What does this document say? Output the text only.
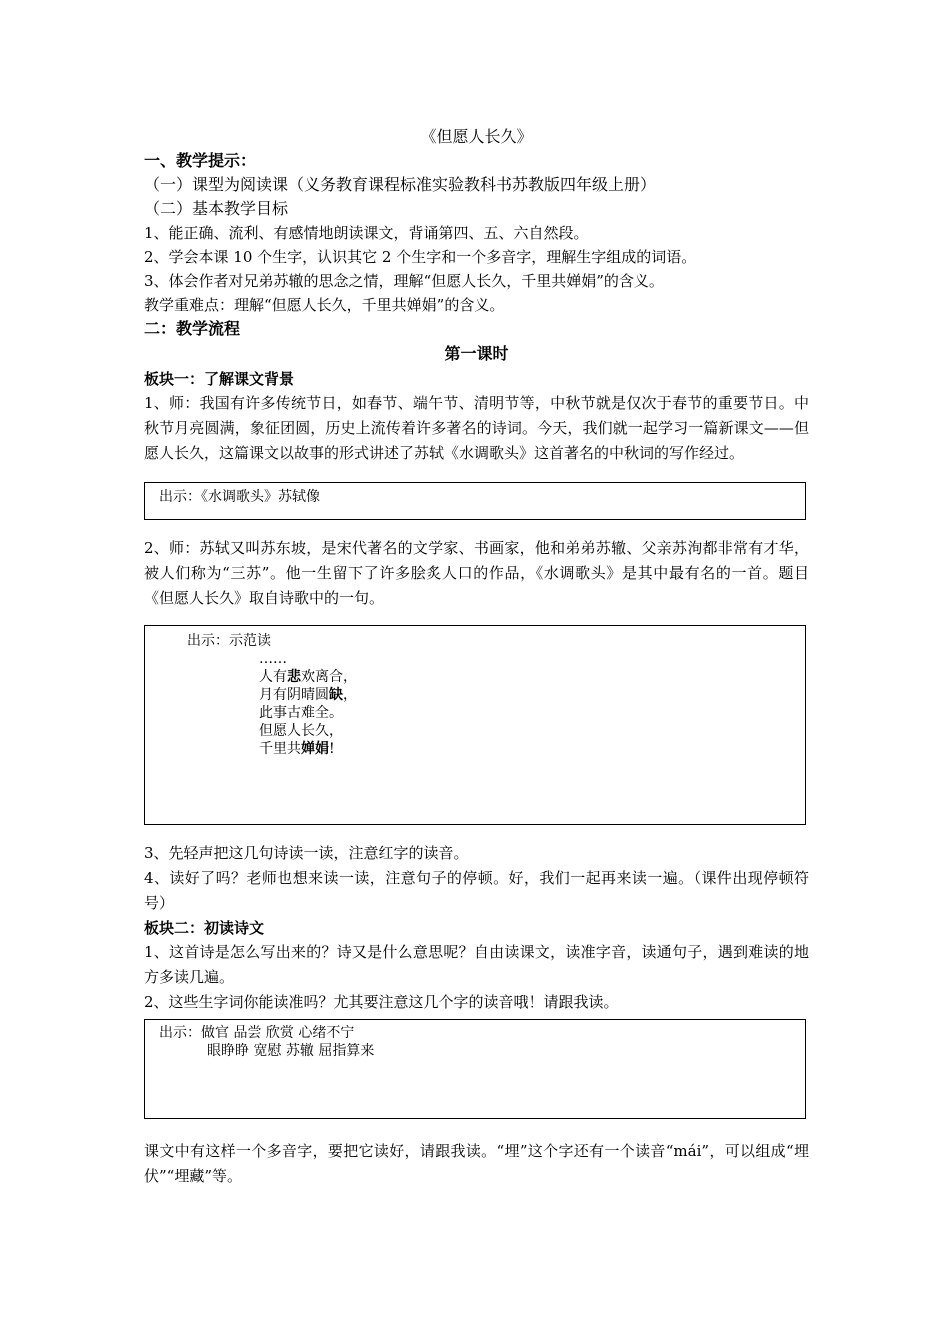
《但愿人长久》
一、教学提示：
（一）课型为阅读课（义务教育课程标准实验教科书苏教版四年级上册）
（二）基本教学目标
1、能正确、流利、有感情地朗读课文，背诵第四、五、六自然段。
2、学会本课 10 个生字，认识其它 2 个生字和一个多音字，理解生字组成的词语。
3、体会作者对兄弟苏辙的思念之情，理解“但愿人长久，千里共婵娟”的含义。
教学重难点：理解“但愿人长久，千里共婵娟”的含义。
二：教学流程
第一课时
板块一：了解课文背景

1、师：我国有许多传统节日，如春节、端午节、清明节等，中秋节就是仅次于春节的重要节日。中秋节月亮圆满，象征团圆，历史上流传着许多著名的诗词。今天，我们就一起学习一篇新课文——但愿人长久，这篇课文以故事的形式讲述了苏轼《水调歌头》这首著名的中秋词的写作经过。

出示：《水调歌头》苏轼像

2、师：苏轼又叫苏东坡，是宋代著名的文学家、书画家，他和弟弟苏辙、父亲苏洵都非常有才华，被人们称为“三苏”。他一生留下了许多脍炙人口的作品，《水调歌头》是其中最有名的一首。题目《但愿人长久》取自诗歌中的一句。

出示：示范读
……
人有悲欢离合，
月有阴晴圆缺，
此事古难全。
但愿人长久，
千里共婵娟!

3、先轻声把这几句诗读一读，注意红字的读音。

4、读好了吗？老师也想来读一读，注意句子的停顿。好，我们一起再来读一遍。（课件出现停顿符号）

板块二：初读诗文

1、这首诗是怎么写出来的？诗又是什么意思呢？自由读课文，读准字音，读通句子，遇到难读的地方多读几遍。

2、这些生字词你能读准吗？尤其要注意这几个字的读音哦！请跟我读。

出示：做官 品尝 欣赏 心绪不宁
眼睁睁 宽慰 苏辙 屈指算来

课文中有这样一个多音字，要把它读好，请跟我读。“埋”这个字还有一个读音“mái”，可以组成“埋伏”“埋藏”等。
